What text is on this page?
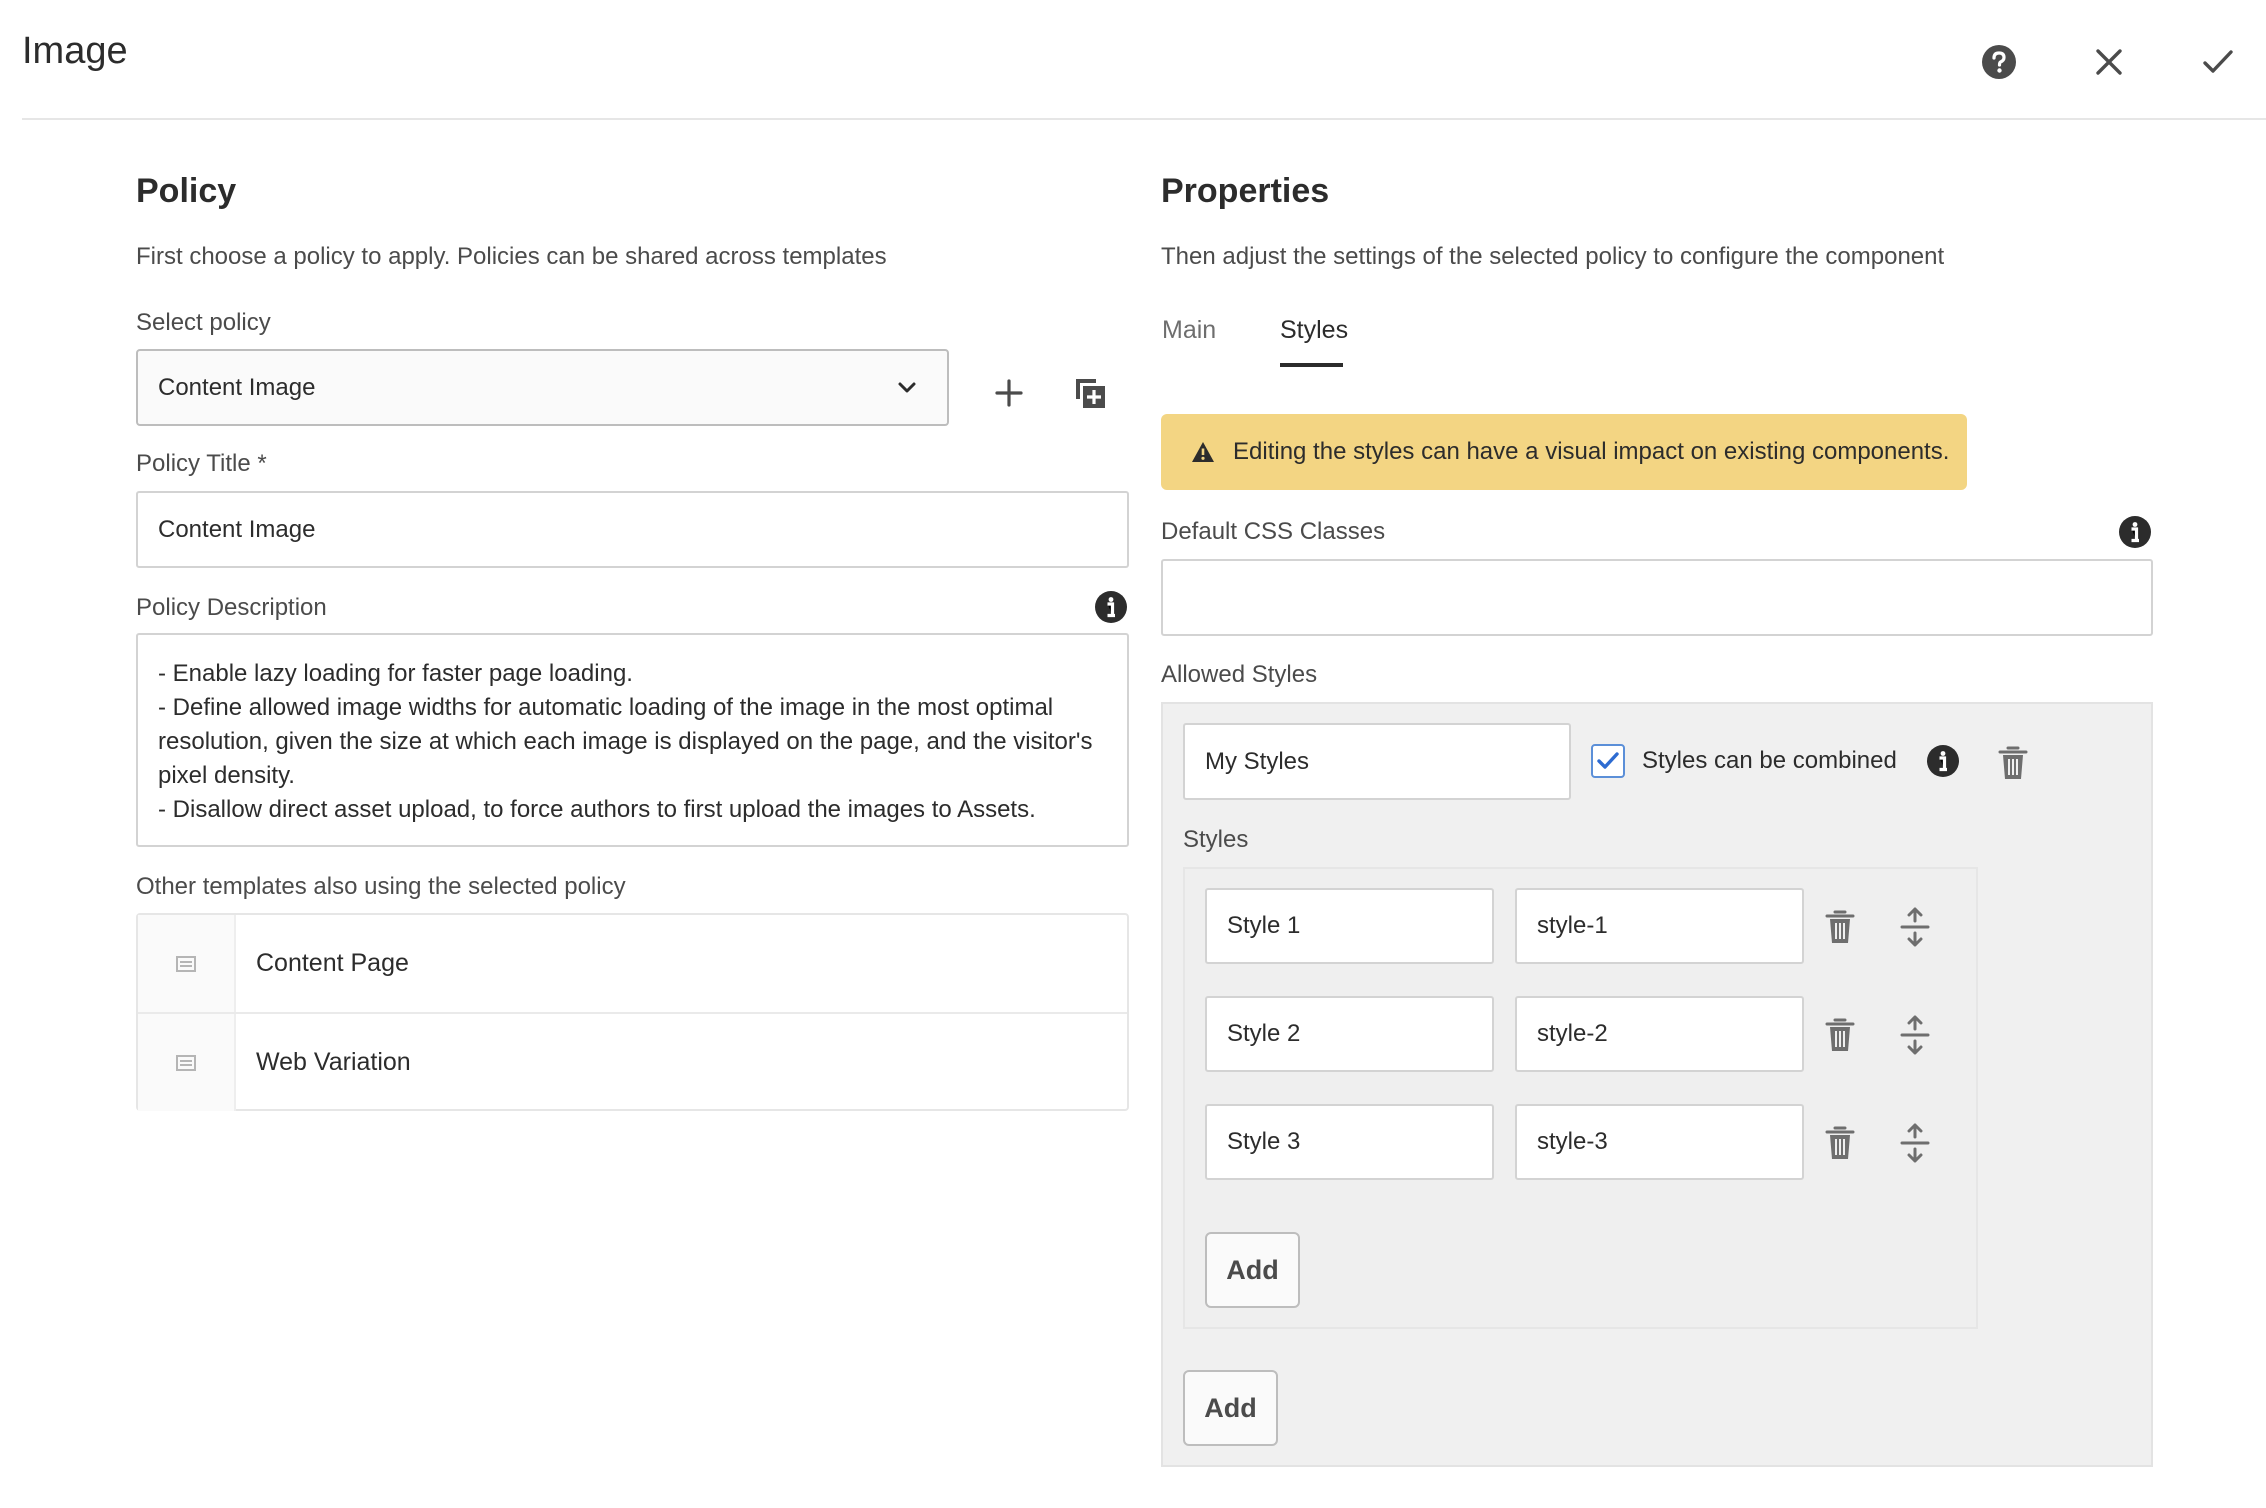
Image
Policy
First choose a policy to apply. Policies can be shared across templates
Select policy
Content Image
Policy Title *
Content Image
Policy Description
- Enable lazy loading for faster page loading.
- Define allowed image widths for automatic loading of the image in the most optimal resolution, given the size at which each image is displayed on the page, and the visitor's pixel density.
- Disallow direct asset upload, to force authors to first upload the images to Assets.
Other templates also using the selected policy
Content Page
Web Variation
Properties
Then adjust the settings of the selected policy to configure the component
Main	Styles
Editing the styles can have a visual impact on existing components.
Default CSS Classes
Allowed Styles
My Styles	Styles can be combined
Styles
Style 1	style-1
Style 2	style-2
Style 3	style-3
Add
Add
